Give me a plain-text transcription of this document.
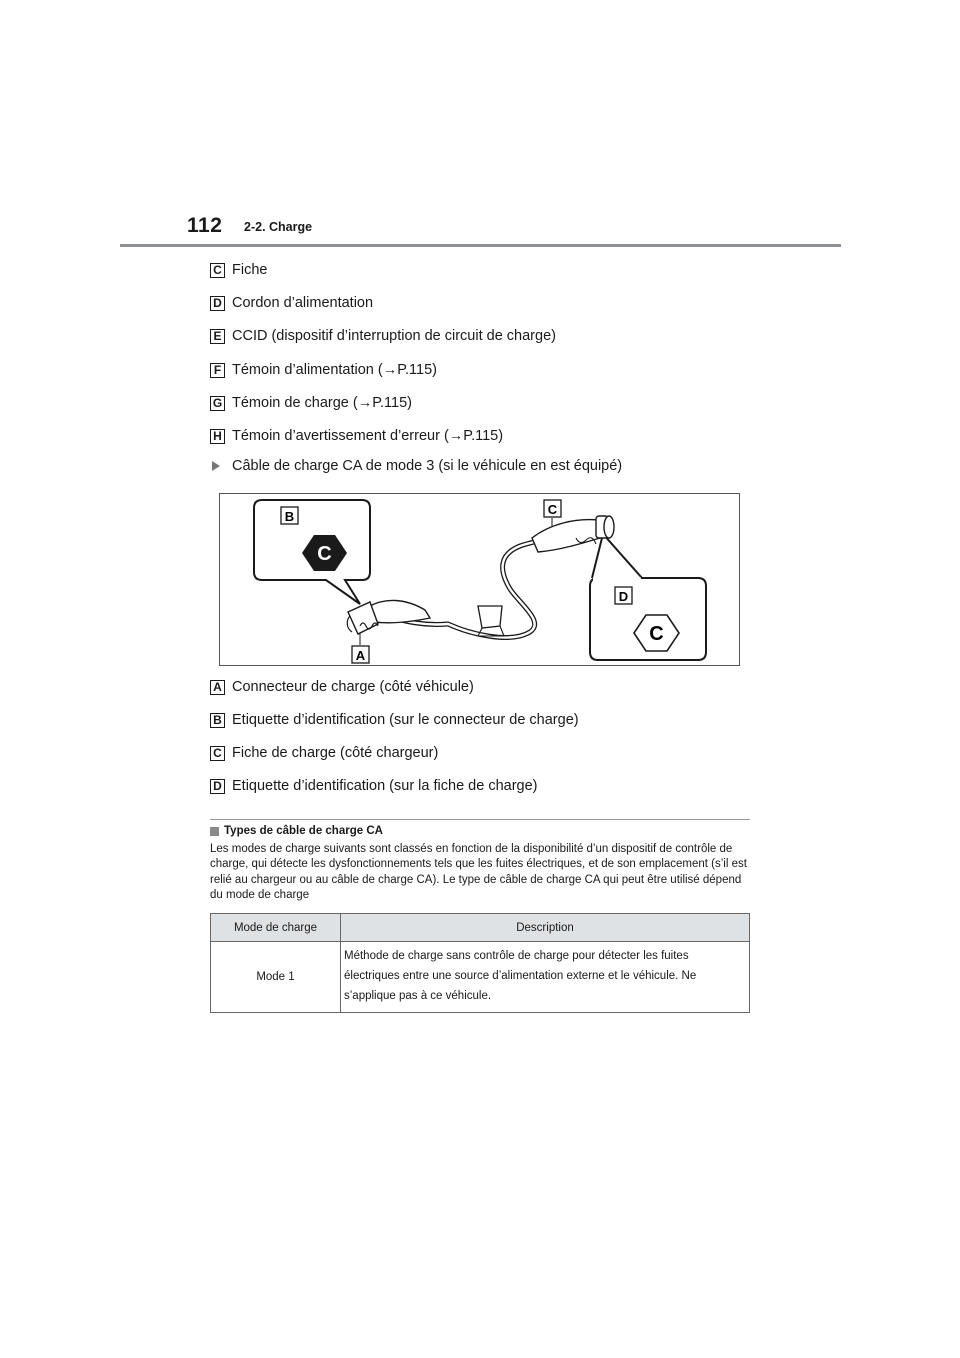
112 2-2. Charge
C Fiche
D Cordon d’alimentation
E CCID (dispositif d’interruption de circuit de charge)
F Témoin d’alimentation (→P.115)
G Témoin de charge (→P.115)
H Témoin d’avertissement d’erreur (→P.115)
Câble de charge CA de mode 3 (si le véhicule en est équipé)
B
C
D
C
C
A
A Connecteur de charge (côté véhicule)
B Etiquette d’identification (sur le connecteur de charge)
C Fiche de charge (côté chargeur)
D Etiquette d’identification (sur la fiche de charge)
Types de câble de charge CA
Les modes de charge suivants sont classés en fonction de la disponibilité d’un dispositif de contrôle de charge, qui détecte les dysfonctionnements tels que les fuites électriques, et de son emplacement (s’il est relié au chargeur ou au câble de charge CA). Le type de câble de charge CA qui peut être utilisé dépend du mode de charge
Mode de charge	Description
Mode 1	Méthode de charge sans contrôle de charge pour détecter les fuites électriques entre une source d’alimentation externe et le véhicule. Ne s’applique pas à ce véhicule.
